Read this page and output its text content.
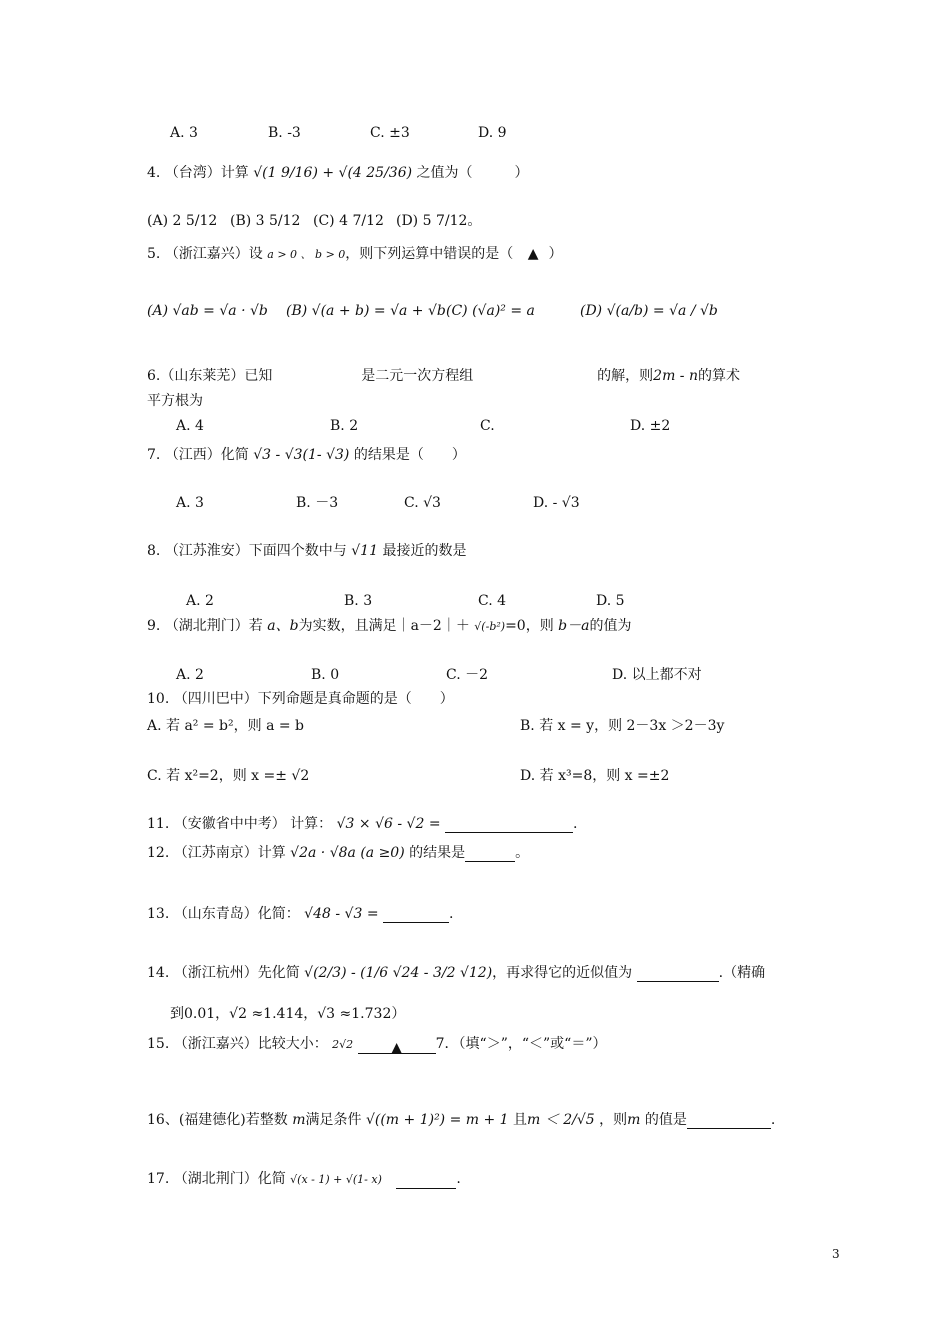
A. 3	B. -3	C. ±3	D. 9
4. （台湾）计算 √(1 9/16) + √(4 25/36) 之值为（　　　）
(A) 2 5/12 (B) 3 5/12 (C) 4 7/12 (D) 5 7/12。
5. （浙江嘉兴）设 a > 0 、 b > 0，则下列运算中错误的是（ ▲ ）
(A) √ab = √a · √b (B) √(a + b) = √a + √b (C) (√a)² = a	(D) √(a/b) = √a / √b
6.（山东莱芜）已知	是二元一次方程组	的解，则2m - n的算术
平方根为
A. 4	B. 2	C.	D. ±2
7. （江西）化简 √3 - √3(1- √3) 的结果是（　　）
A. 3	B. －3	C. √3	D. - √3
8. （江苏淮安）下面四个数中与 √11 最接近的数是
A. 2	B. 3	C. 4	D. 5
9. （湖北荆门）若 a、b为实数，且满足｜a－2｜＋ √(-b²)=0，则 b－a的值为
A. 2	B. 0	C. －2	D. 以上都不对
10. （四川巴中）下列命题是真命题的是（　　）
A. 若 a² = b²，则 a = b	B. 若 x = y，则 2－3x ＞2－3y
C. 若 x²=2，则 x =± √2	D. 若 x³=8，则 x =±2
11. （安徽省中中考） 计算： √3 × √6 - √2 =	.
12. （江苏南京）计算 √2a · √8a (a ≥0) 的结果是	。
13. （山东青岛）化简： √48 - √3 =	.
14. （浙江杭州）先化简 √(2/3) - (1/6 √24 - 3/2 √12)，再求得它的近似值为	.（精确
到0.01，√2 ≈1.414，√3 ≈1.732）
15. （浙江嘉兴）比较大小： 2√2	▲ 7．（填“＞”，“＜”或“＝”）
16、(福建德化)若整数 m满足条件 √((m + 1)²) = m + 1 且m ＜ 2/√5 ，则m 的值是	.
17. （湖北荆门）化简 √(x - 1) + √(1- x)	.
3
